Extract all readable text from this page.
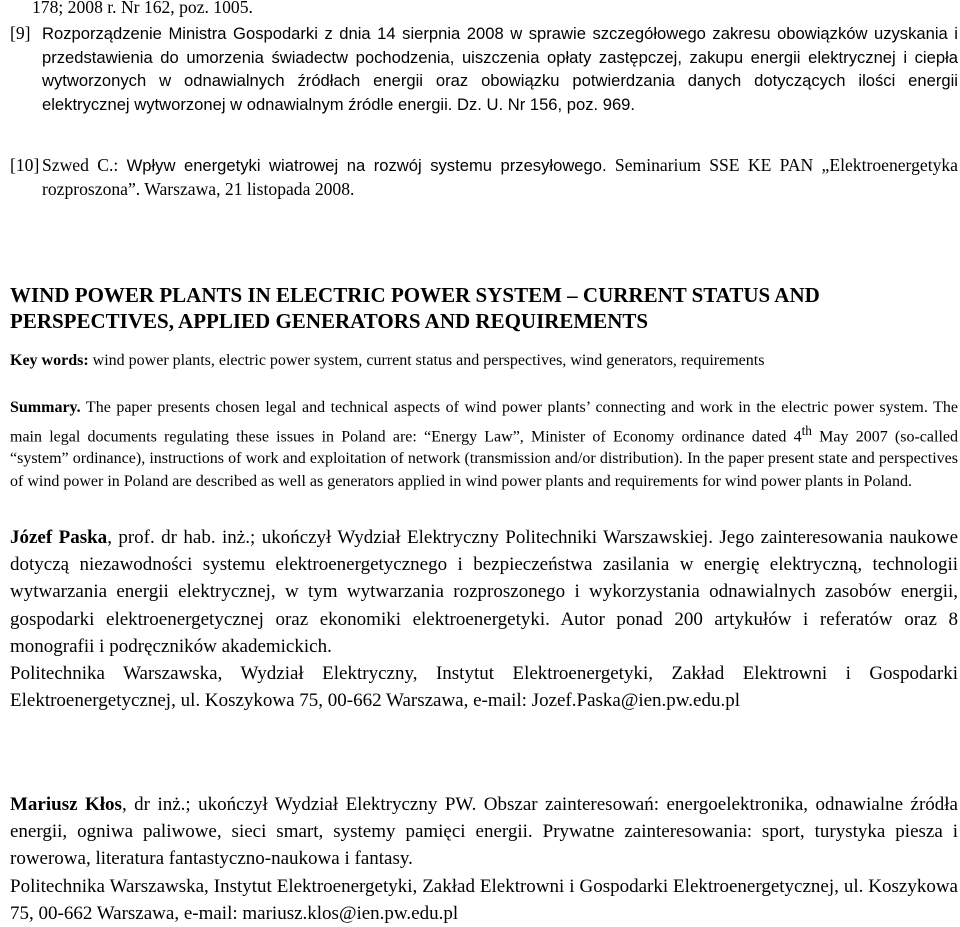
178; 2008 r. Nr 162, poz. 1005.
[9] Rozporządzenie Ministra Gospodarki z dnia 14 sierpnia 2008 w sprawie szczegółowego zakresu obowiązków uzyskania i przedstawienia do umorzenia świadectw pochodzenia, uiszczenia opłaty zastępczej, zakupu energii elektrycznej i ciepła wytworzonych w odnawialnych źródłach energii oraz obowiązku potwierdzania danych dotyczących ilości energii elektrycznej wytworzonej w odnawialnym źródle energii. Dz. U. Nr 156, poz. 969.
[10] Szwed C.: Wpływ energetyki wiatrowej na rozwój systemu przesyłowego. Seminarium SSE KE PAN „Elektroenergetyka rozproszona”. Warszawa, 21 listopada 2008.
WIND POWER PLANTS IN ELECTRIC POWER SYSTEM – CURRENT STATUS AND PERSPECTIVES, APPLIED GENERATORS AND REQUIREMENTS
Key words: wind power plants, electric power system, current status and perspectives, wind generators, requirements
Summary. The paper presents chosen legal and technical aspects of wind power plants’ connecting and work in the electric power system. The main legal documents regulating these issues in Poland are: “Energy Law”, Minister of Economy ordinance dated 4th May 2007 (so-called “system” ordinance), instructions of work and exploitation of network (transmission and/or distribution). In the paper present state and perspectives of wind power in Poland are described as well as generators applied in wind power plants and requirements for wind power plants in Poland.
Józef Paska, prof. dr hab. inż.; ukończył Wydział Elektryczny Politechniki Warszawskiej. Jego zainteresowania naukowe dotyczą niezawodności systemu elektroenergetycznego i bezpieczeństwa zasilania w energię elektryczną, technologii wytwarzania energii elektrycznej, w tym wytwarzania rozproszonego i wykorzystania odnawialnych zasobów energii, gospodarki elektroenergetycznej oraz ekonomiki elektroenergetyki. Autor ponad 200 artykułów i referatów oraz 8 monografii i podręczników akademickich.
Politechnika Warszawska, Wydział Elektryczny, Instytut Elektroenergetyki, Zakład Elektrowni i Gospodarki Elektroenergetycznej, ul. Koszykowa 75, 00-662 Warszawa, e-mail: Jozef.Paska@ien.pw.edu.pl
Mariusz Kłos, dr inż.; ukończył Wydział Elektryczny PW. Obszar zainteresowań: energoelektronika, odnawialne źródła energii, ogniwa paliwowe, sieci smart, systemy pamięci energii. Prywatne zainteresowania: sport, turystyka piesza i rowerowa, literatura fantastyczno-naukowa i fantasy.
Politechnika Warszawska, Instytut Elektroenergetyki, Zakład Elektrowni i Gospodarki Elektroenergetycznej, ul. Koszykowa 75, 00-662 Warszawa, e-mail: mariusz.klos@ien.pw.edu.pl
